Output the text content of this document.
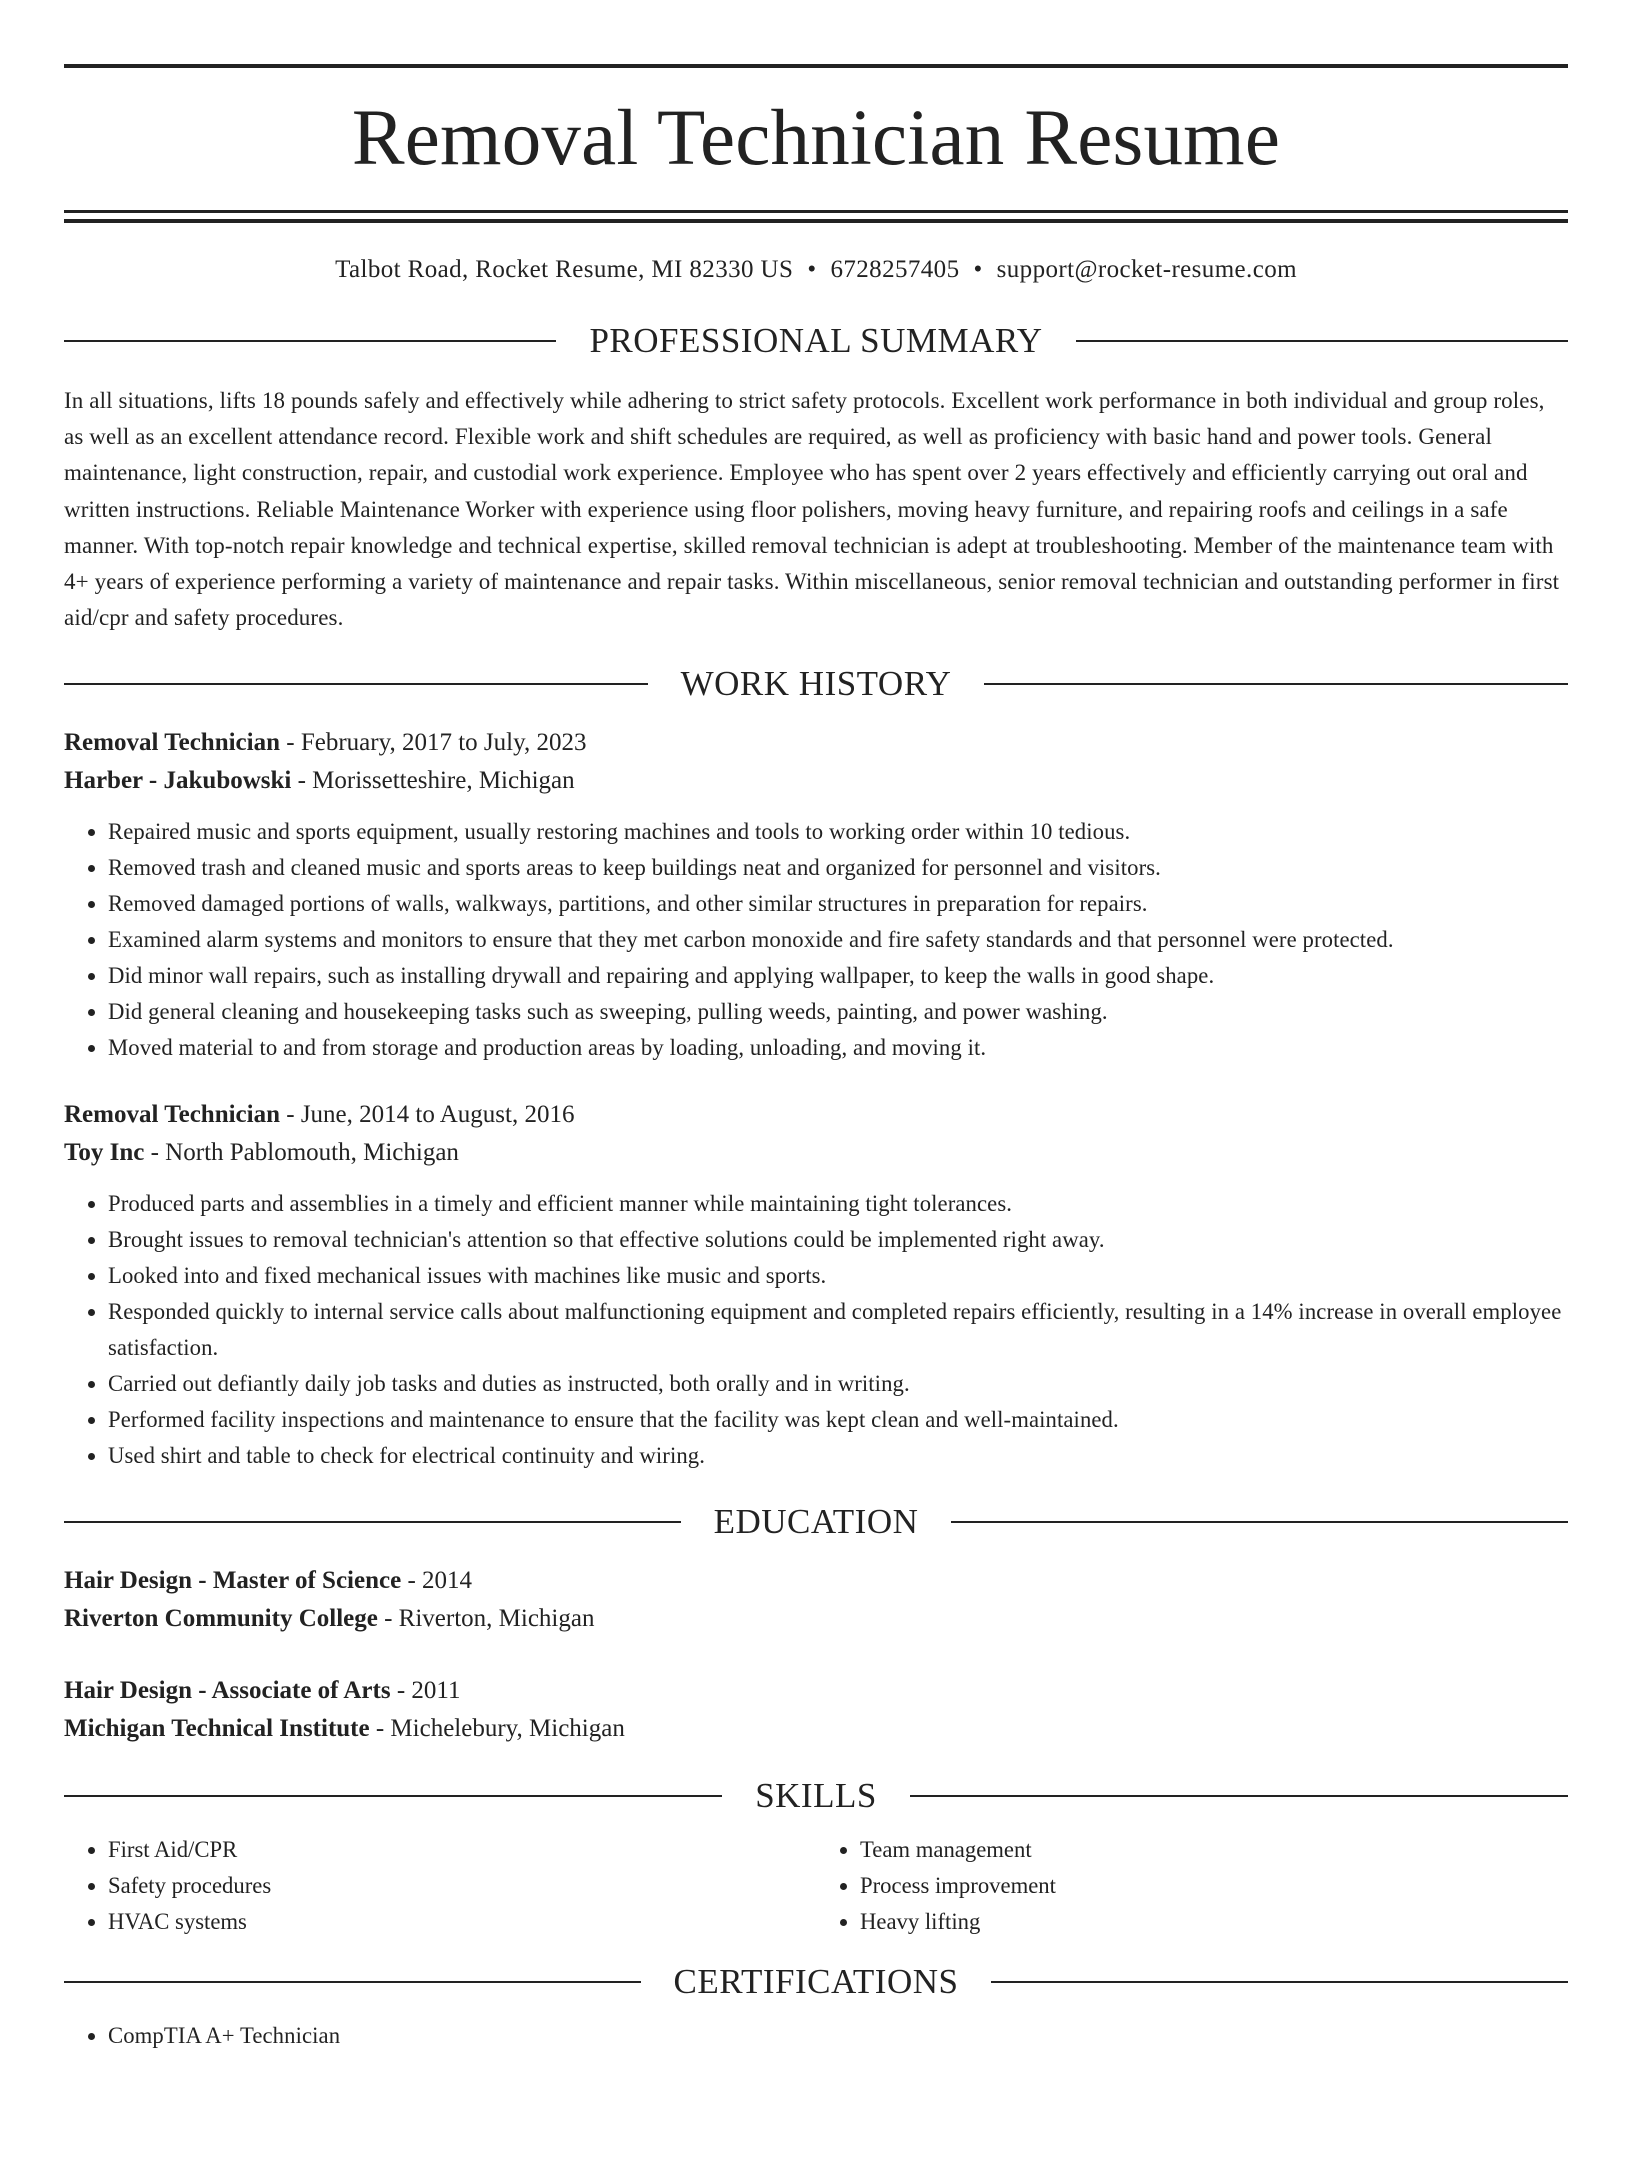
Removal Technician Resume
Talbot Road, Rocket Resume, MI 82330 US • 6728257405 • support@rocket-resume.com
PROFESSIONAL SUMMARY
In all situations, lifts 18 pounds safely and effectively while adhering to strict safety protocols. Excellent work performance in both individual and group roles, as well as an excellent attendance record. Flexible work and shift schedules are required, as well as proficiency with basic hand and power tools. General maintenance, light construction, repair, and custodial work experience. Employee who has spent over 2 years effectively and efficiently carrying out oral and written instructions. Reliable Maintenance Worker with experience using floor polishers, moving heavy furniture, and repairing roofs and ceilings in a safe manner. With top-notch repair knowledge and technical expertise, skilled removal technician is adept at troubleshooting. Member of the maintenance team with 4+ years of experience performing a variety of maintenance and repair tasks. Within miscellaneous, senior removal technician and outstanding performer in first aid/cpr and safety procedures.
WORK HISTORY
Removal Technician - February, 2017 to July, 2023
Harber - Jakubowski - Morissetteshire, Michigan
• Repaired music and sports equipment, usually restoring machines and tools to working order within 10 tedious.
• Removed trash and cleaned music and sports areas to keep buildings neat and organized for personnel and visitors.
• Removed damaged portions of walls, walkways, partitions, and other similar structures in preparation for repairs.
• Examined alarm systems and monitors to ensure that they met carbon monoxide and fire safety standards and that personnel were protected.
• Did minor wall repairs, such as installing drywall and repairing and applying wallpaper, to keep the walls in good shape.
• Did general cleaning and housekeeping tasks such as sweeping, pulling weeds, painting, and power washing.
• Moved material to and from storage and production areas by loading, unloading, and moving it.
Removal Technician - June, 2014 to August, 2016
Toy Inc - North Pablomouth, Michigan
• Produced parts and assemblies in a timely and efficient manner while maintaining tight tolerances.
• Brought issues to removal technician's attention so that effective solutions could be implemented right away.
• Looked into and fixed mechanical issues with machines like music and sports.
• Responded quickly to internal service calls about malfunctioning equipment and completed repairs efficiently, resulting in a 14% increase in overall employee satisfaction.
• Carried out defiantly daily job tasks and duties as instructed, both orally and in writing.
• Performed facility inspections and maintenance to ensure that the facility was kept clean and well-maintained.
• Used shirt and table to check for electrical continuity and wiring.
EDUCATION
Hair Design - Master of Science - 2014
Riverton Community College - Riverton, Michigan
Hair Design - Associate of Arts - 2011
Michigan Technical Institute - Michelebury, Michigan
SKILLS
• First Aid/CPR
• Safety procedures
• HVAC systems
• Team management
• Process improvement
• Heavy lifting
CERTIFICATIONS
• CompTIA A+ Technician
